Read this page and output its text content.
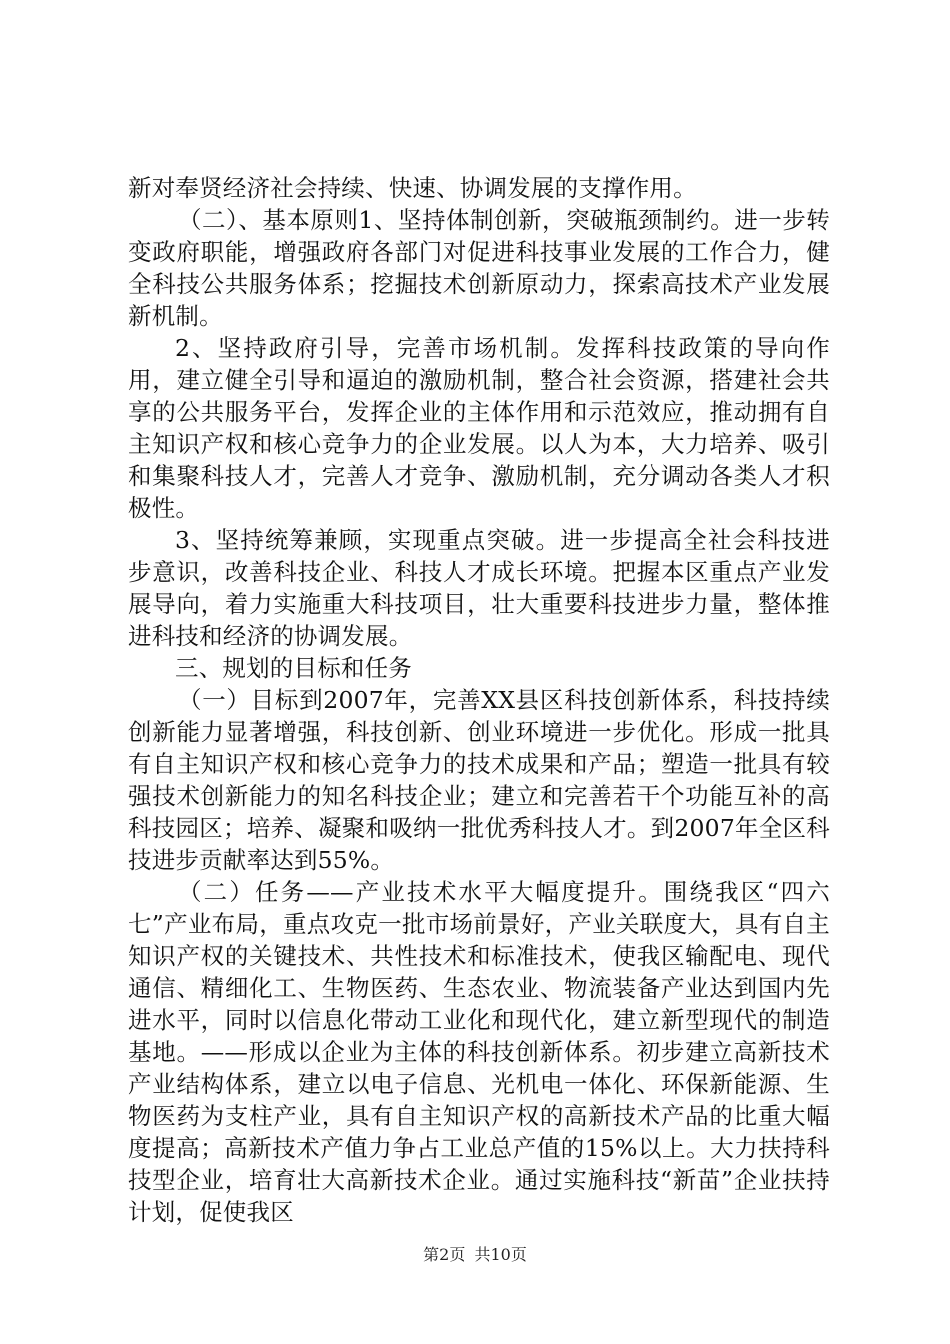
新对奉贤经济社会持续、快速、协调发展的支撑作用。

（二）、基本原则1、坚持体制创新，突破瓶颈制约。进一步转变政府职能，增强政府各部门对促进科技事业发展的工作合力，健全科技公共服务体系；挖掘技术创新原动力，探索高技术产业发展新机制。

2、坚持政府引导，完善市场机制。发挥科技政策的导向作用，建立健全引导和逼迫的激励机制，整合社会资源，搭建社会共享的公共服务平台，发挥企业的主体作用和示范效应，推动拥有自主知识产权和核心竞争力的企业发展。以人为本，大力培养、吸引和集聚科技人才，完善人才竞争、激励机制，充分调动各类人才积极性。

3、坚持统筹兼顾，实现重点突破。进一步提高全社会科技进步意识，改善科技企业、科技人才成长环境。把握本区重点产业发展导向，着力实施重大科技项目，壮大重要科技进步力量，整体推进科技和经济的协调发展。

三、规划的目标和任务

（一）目标到2007年，完善XX县区科技创新体系，科技持续创新能力显著增强，科技创新、创业环境进一步优化。形成一批具有自主知识产权和核心竞争力的技术成果和产品；塑造一批具有较强技术创新能力的知名科技企业；建立和完善若干个功能互补的高科技园区；培养、凝聚和吸纳一批优秀科技人才。到2007年全区科技进步贡献率达到55%。

（二）任务——产业技术水平大幅度提升。围绕我区“四六七”产业布局，重点攻克一批市场前景好，产业关联度大，具有自主知识产权的关键技术、共性技术和标准技术，使我区输配电、现代通信、精细化工、生物医药、生态农业、物流装备产业达到国内先进水平，同时以信息化带动工业化和现代化，建立新型现代的制造基地。——形成以企业为主体的科技创新体系。初步建立高新技术产业结构体系，建立以电子信息、光机电一体化、环保新能源、生物医药为支柱产业，具有自主知识产权的高新技术产品的比重大幅度提高；高新技术产值力争占工业总产值的15%以上。大力扶持科技型企业，培育壮大高新技术企业。通过实施科技“新苗”企业扶持计划，促使我区

第2页 共10页
